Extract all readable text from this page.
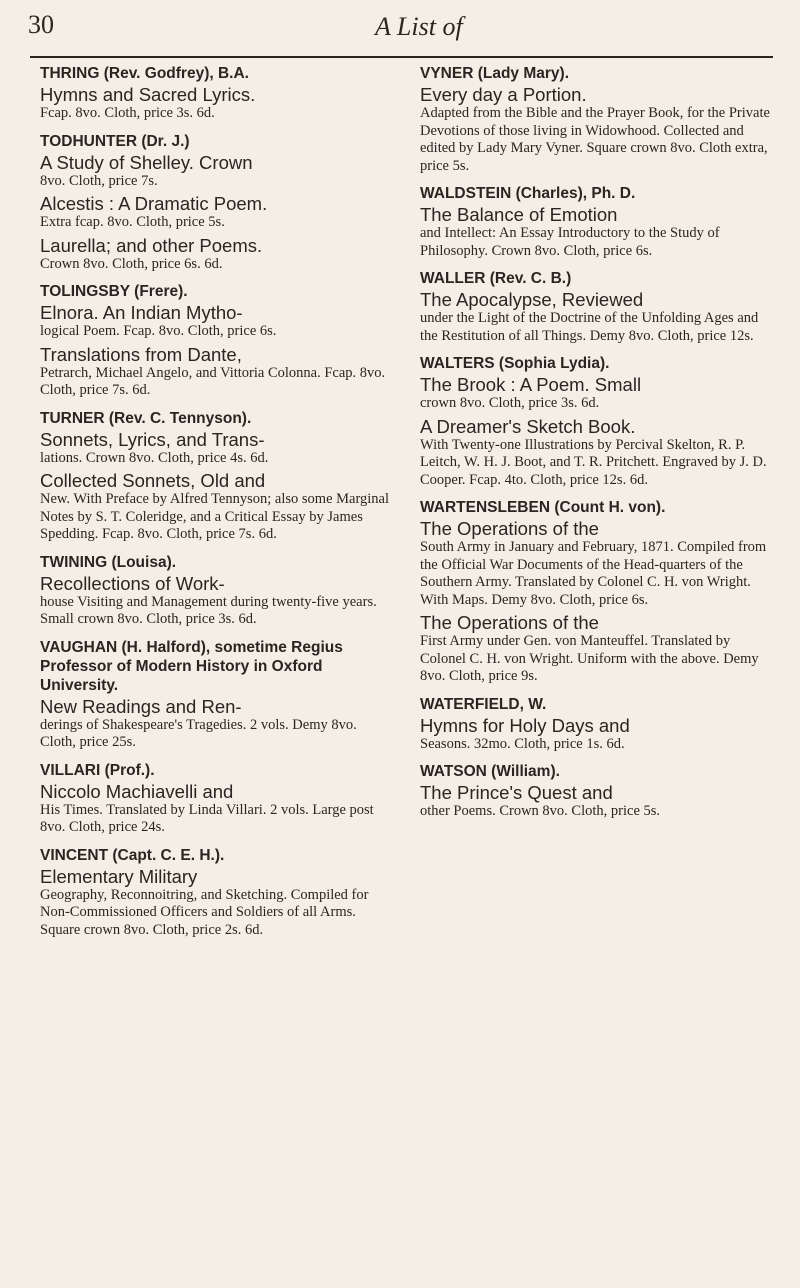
30	A List of
THRING (Rev. Godfrey), B.A.
Hymns and Sacred Lyrics.
Fcap. 8vo. Cloth, price 3s. 6d.
TODHUNTER (Dr. J.)
A Study of Shelley. Crown
8vo. Cloth, price 7s.
Alcestis : A Dramatic Poem.
Extra fcap. 8vo. Cloth, price 5s.
Laurella; and other Poems.
Crown 8vo. Cloth, price 6s. 6d.
TOLINGSBY (Frere).
Elnora. An Indian Mytho-
logical Poem. Fcap. 8vo. Cloth, price 6s.
Translations from Dante,
Petrarch, Michael Angelo, and Vittoria Colonna. Fcap. 8vo. Cloth, price 7s. 6d.
TURNER (Rev. C. Tennyson).
Sonnets, Lyrics, and Trans-
lations. Crown 8vo. Cloth, price 4s. 6d.
Collected Sonnets, Old and
New. With Preface by Alfred Tennyson; also some Marginal Notes by S. T. Coleridge, and a Critical Essay by James Spedding. Fcap. 8vo. Cloth, price 7s. 6d.
TWINING (Louisa).
Recollections of Work-
house Visiting and Management during twenty-five years. Small crown 8vo. Cloth, price 3s. 6d.
VAUGHAN (H. Halford), sometime Regius Professor of Modern History in Oxford University.
New Readings and Ren-
derings of Shakespeare's Tragedies. 2 vols. Demy 8vo. Cloth, price 25s.
VILLARI (Prof.).
Niccolo Machiavelli and
His Times. Translated by Linda Villari. 2 vols. Large post 8vo. Cloth, price 24s.
VINCENT (Capt. C. E. H.).
Elementary Military
Geography, Reconnoitring, and Sketching. Compiled for Non-Commissioned Officers and Soldiers of all Arms. Square crown 8vo. Cloth, price 2s. 6d.
VYNER (Lady Mary).
Every day a Portion.
Adapted from the Bible and the Prayer Book, for the Private Devotions of those living in Widowhood. Collected and edited by Lady Mary Vyner. Square crown 8vo. Cloth extra, price 5s.
WALDSTEIN (Charles), Ph. D.
The Balance of Emotion
and Intellect: An Essay Introductory to the Study of Philosophy. Crown 8vo. Cloth, price 6s.
WALLER (Rev. C. B.)
The Apocalypse, Reviewed
under the Light of the Doctrine of the Unfolding Ages and the Restitution of all Things. Demy 8vo. Cloth, price 12s.
WALTERS (Sophia Lydia).
The Brook : A Poem. Small
crown 8vo. Cloth, price 3s. 6d.
A Dreamer's Sketch Book.
With Twenty-one Illustrations by Percival Skelton, R. P. Leitch, W. H. J. Boot, and T. R. Pritchett. Engraved by J. D. Cooper. Fcap. 4to. Cloth, price 12s. 6d.
WARTENSLEBEN (Count H. von).
The Operations of the
South Army in January and February, 1871. Compiled from the Official War Documents of the Head-quarters of the Southern Army. Translated by Colonel C. H. von Wright. With Maps. Demy 8vo. Cloth, price 6s.
The Operations of the
First Army under Gen. von Manteuffel. Translated by Colonel C. H. von Wright. Uniform with the above. Demy 8vo. Cloth, price 9s.
WATERFIELD, W.
Hymns for Holy Days and
Seasons. 32mo. Cloth, price 1s. 6d.
WATSON (William).
The Prince's Quest and
other Poems. Crown 8vo. Cloth, price 5s.
